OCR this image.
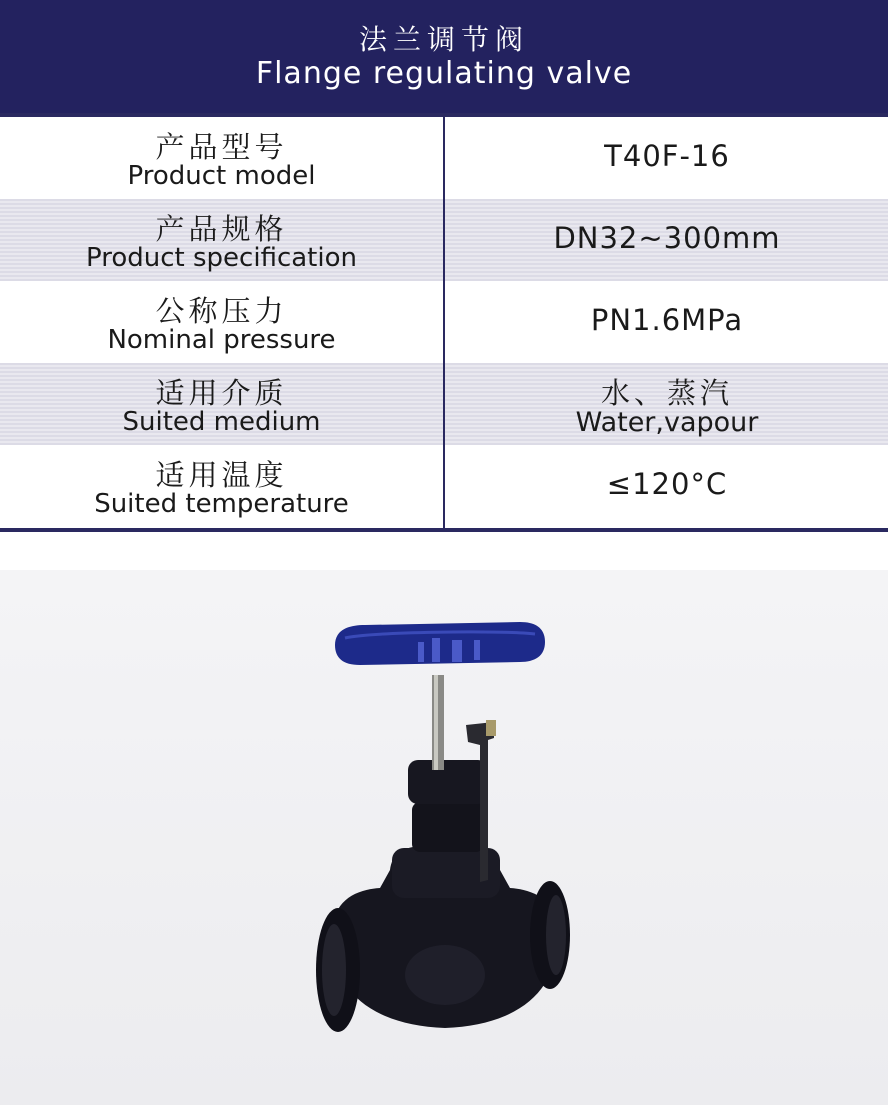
法兰调节阀
Flange regulating valve
产品型号
Product model
T40F-16
产品规格
Product specification
DN32~300mm
公称压力
Nominal pressure
PN1.6MPa
适用介质
Suited medium
水、蒸汽
Water,vapour
适用温度
Suited temperature
≤120°C
